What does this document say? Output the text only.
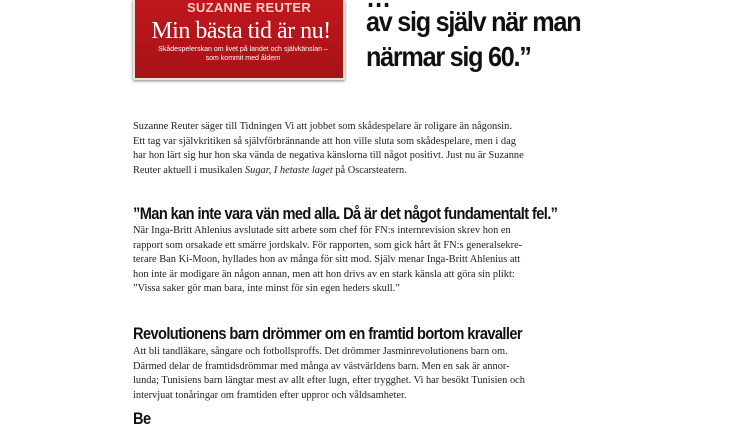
SUZANNE REUTER
Min bästa tid är nu!
Skådespelerskan om livet på landet och självkänslan – som kommit med åldern
av sig själv när man
närmar sig 60.”
Suzanne Reuter säger till Tidningen Vi att jobbet som skådespelare är roligare än någonsin.
Ett tag var självkritiken så självförbrännande att hon ville sluta som skådespelare, men i dag
har hon lärt sig hur hon ska vända de negativa känslorna till något positivt. Just nu är Suzanne
Reuter aktuell i musikalen Sugar, I hetaste laget på Oscarsteatern.
”Man kan inte vara vän med alla. Då är det något fundamentalt fel.”
När Inga-Britt Ahlenius avslutade sitt arbete som chef för FN:s internrevision skrev hon en
rapport som orsakade ett smärre jordskalv. För rapporten, som gick hårt åt FN:s generalsekre-
terare Ban Ki-Moon, hyllades hon av många för sitt mod. Själv menar Inga-Britt Ahlenius att
hon inte är modigare än någon annan, men att hon drivs av en stark känsla att göra sin plikt:
”Vissa saker gör man bara, inte minst för sin egen heders skull.”
Revolutionens barn drömmer om en framtid bortom kravaller
Att bli tandläkare, sångare och fotbollsproffs. Det drömmer Jasminrevolutionens barn om.
Därmed delar de framtidsdrömmar med många av västvärldens barn. Men en sak är annor-
lunda; Tunisiens barn längtar mest av allt efter lugn, efter trygghet. Vi har besökt Tunisien och
intervjuat tonåringar om framtiden efter uppror och våldsamheter.
Be
